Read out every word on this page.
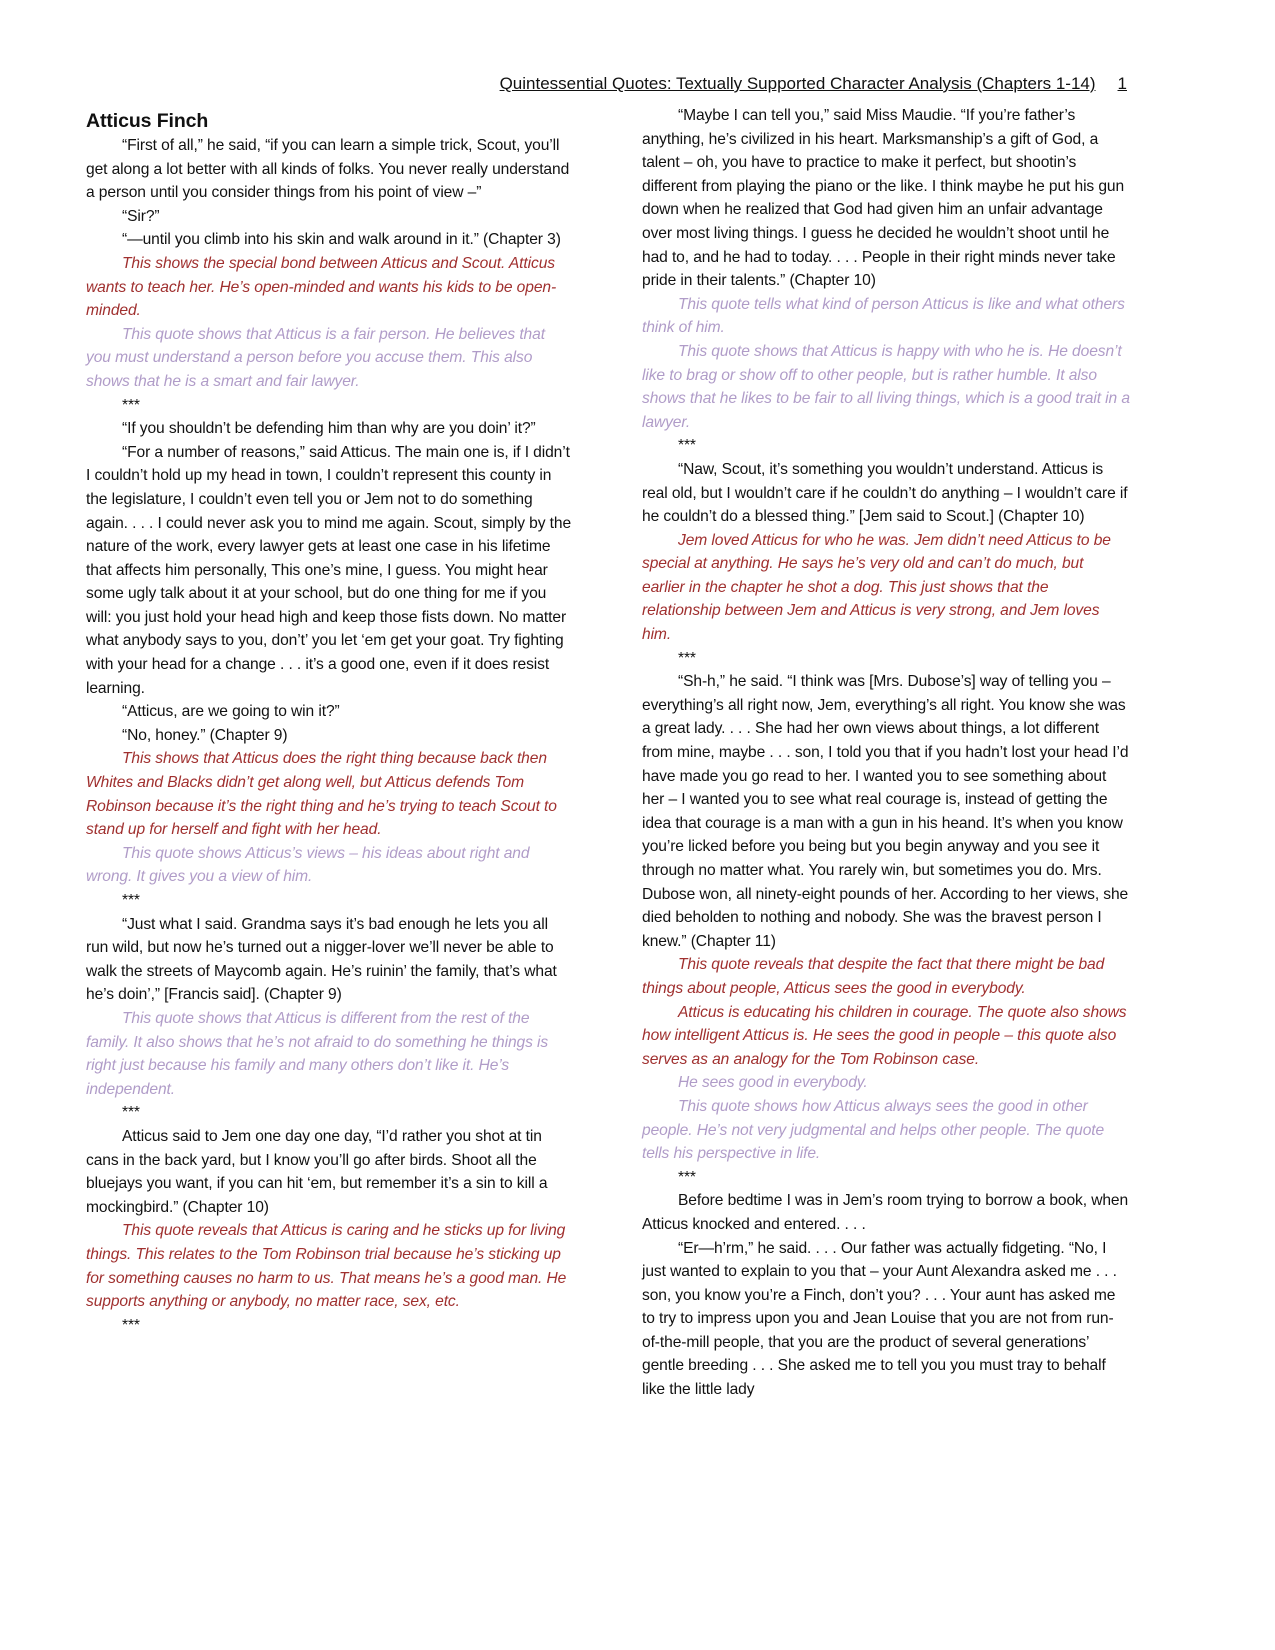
Quintessential Quotes: Textually Supported Character Analysis (Chapters 1-14) 1
Atticus Finch

“First of all,” he said, “if you can learn a simple trick, Scout, you’ll get along a lot better with all kinds of folks. You never really understand a person until you consider things from his point of view –”

“Sir?”

“—until you climb into his skin and walk around in it.” (Chapter 3)

This shows the special bond between Atticus and Scout. Atticus wants to teach her. He’s open-minded and wants his kids to be open-minded.

This quote shows that Atticus is a fair person. He believes that you must understand a person before you accuse them. This also shows that he is a smart and fair lawyer.

***

“If you shouldn’t be defending him than why are you doin’ it?”

“For a number of reasons,” said Atticus. The main one is, if I didn’t I couldn’t hold up my head in town, I couldn’t represent this county in the legislature, I couldn’t even tell you or Jem not to do something again. . . . I could never ask you to mind me again. Scout, simply by the nature of the work, every lawyer gets at least one case in his lifetime that affects him personally, This one’s mine, I guess. You might hear some ugly talk about it at your school, but do one thing for me if you will: you just hold your head high and keep those fists down. No matter what anybody says to you, don’t’ you let ‘em get your goat. Try fighting with your head for a change . . . it’s a good one, even if it does resist learning.

“Atticus, are we going to win it?”

“No, honey.” (Chapter 9)

This shows that Atticus does the right thing because back then Whites and Blacks didn’t get along well, but Atticus defends Tom Robinson because it’s the right thing and he’s trying to teach Scout to stand up for herself and fight with her head.

This quote shows Atticus’s views – his ideas about right and wrong. It gives you a view of him.

***

“Just what I said. Grandma says it’s bad enough he lets you all run wild, but now he’s turned out a nigger-lover we’ll never be able to walk the streets of Maycomb again. He’s ruinin’ the family, that’s what he’s doin’,” [Francis said]. (Chapter 9)

This quote shows that Atticus is different from the rest of the family. It also shows that he’s not afraid to do something he things is right just because his family and many others don’t like it. He’s independent.

***

Atticus said to Jem one day one day, “I’d rather you shot at tin cans in the back yard, but I know you’ll go after birds. Shoot all the bluejays you want, if you can hit ‘em, but remember it’s a sin to kill a mockingbird.” (Chapter 10)

This quote reveals that Atticus is caring and he sticks up for living things. This relates to the Tom Robinson trial because he’s sticking up for something causes no harm to us. That means he’s a good man. He supports anything or anybody, no matter race, sex, etc.

***

“Maybe I can tell you,” said Miss Maudie. “If you’re father’s anything, he’s civilized in his heart. Marksmanship’s a gift of God, a talent – oh, you have to practice to make it perfect, but shootin’s different from playing the piano or the like. I think maybe he put his gun down when he realized that God had given him an unfair advantage over most living things. I guess he decided he wouldn’t shoot until he had to, and he had to today. . . . People in their right minds never take pride in their talents.” (Chapter 10)

This quote tells what kind of person Atticus is like and what others think of him.

This quote shows that Atticus is happy with who he is. He doesn’t like to brag or show off to other people, but is rather humble. It also shows that he likes to be fair to all living things, which is a good trait in a lawyer.

***

“Naw, Scout, it’s something you wouldn’t understand. Atticus is real old, but I wouldn’t care if he couldn’t do anything – I wouldn’t care if he couldn’t do a blessed thing.” [Jem said to Scout.] (Chapter 10)

Jem loved Atticus for who he was. Jem didn’t need Atticus to be special at anything. He says he’s very old and can’t do much, but earlier in the chapter he shot a dog. This just shows that the relationship between Jem and Atticus is very strong, and Jem loves him.

***

“Sh-h,” he said. “I think was [Mrs. Dubose’s] way of telling you – everything’s all right now, Jem, everything’s all right. You know she was a great lady. . . . She had her own views about things, a lot different from mine, maybe . . . son, I told you that if you hadn’t lost your head I’d have made you go read to her. I wanted you to see something about her – I wanted you to see what real courage is, instead of getting the idea that courage is a man with a gun in his heand. It’s when you know you’re licked before you being but you begin anyway and you see it through no matter what. You rarely win, but sometimes you do. Mrs. Dubose won, all ninety-eight pounds of her. According to her views, she died beholden to nothing and nobody. She was the bravest person I knew.” (Chapter 11)

This quote reveals that despite the fact that there might be bad things about people, Atticus sees the good in everybody.

Atticus is educating his children in courage. The quote also shows how intelligent Atticus is. He sees the good in people – this quote also serves as an analogy for the Tom Robinson case.

He sees good in everybody.

This quote shows how Atticus always sees the good in other people. He’s not very judgmental and helps other people. The quote tells his perspective in life.

***

Before bedtime I was in Jem’s room trying to borrow a book, when Atticus knocked and entered. . . .

“Er—h’rm,” he said. . . . Our father was actually fidgeting. “No, I just wanted to explain to you that – your Aunt Alexandra asked me . . . son, you know you’re a Finch, don’t you? . . . Your aunt has asked me to try to impress upon you and Jean Louise that you are not from run-of-the-mill people, that you are the product of several generations’ gentle breeding . . . She asked me to tell you you must tray to behalf like the little lady
